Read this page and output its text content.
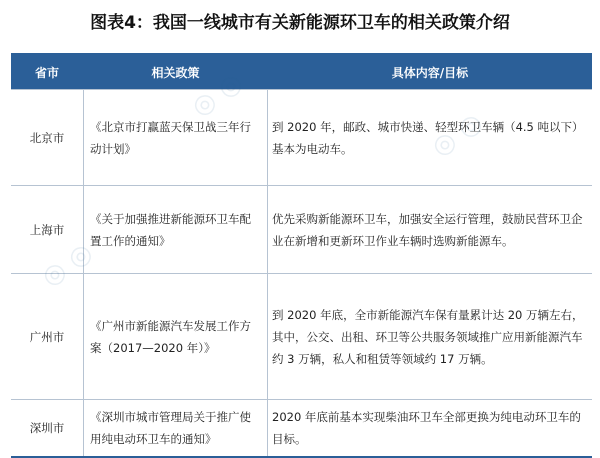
图表4：我国一线城市有关新能源环卫车的相关政策介绍
省市	相关政策	具体内容/目标
北京市
《北京市打赢蓝天保卫战三年行动计划》
到 2020 年，邮政、城市快递、轻型环卫车辆（4.5 吨以下）基本为电动车。
上海市
《关于加强推进新能源环卫车配置工作的通知》
优先采购新能源环卫车，加强安全运行管理，鼓励民营环卫企业在新增和更新环卫作业车辆时选购新能源车。
广州市
《广州市新能源汽车发展工作方案（2017—2020 年）》
到 2020 年底，全市新能源汽车保有量累计达 20 万辆左右，其中，公交、出租、环卫等公共服务领域推广应用新能源汽车约 3 万辆，私人和租赁等领域约 17 万辆。
深圳市
《深圳市城市管理局关于推广使用纯电动环卫车的通知》
2020 年底前基本实现柴油环卫车全部更换为纯电动环卫车的目标。
◎ ◎
◎ ◎
◎ ◎
